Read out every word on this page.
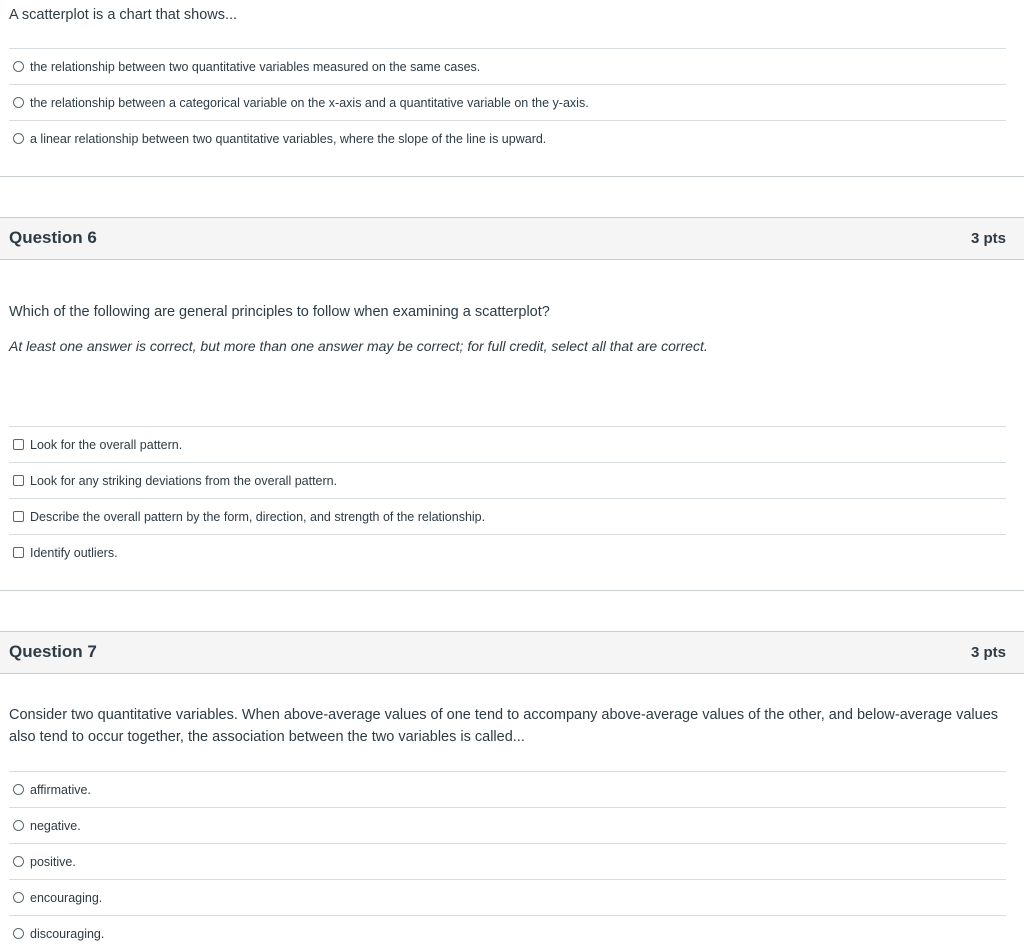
A scatterplot is a chart that shows...
the relationship between two quantitative variables measured on the same cases.
the relationship between a categorical variable on the x-axis and a quantitative variable on the y-axis.
a linear relationship between two quantitative variables, where the slope of the line is upward.
Question 6	3 pts
Which of the following are general principles to follow when examining a scatterplot?
At least one answer is correct, but more than one answer may be correct; for full credit, select all that are correct.
Look for the overall pattern.
Look for any striking deviations from the overall pattern.
Describe the overall pattern by the form, direction, and strength of the relationship.
Identify outliers.
Question 7	3 pts
Consider two quantitative variables. When above-average values of one tend to accompany above-average values of the other, and below-average values also tend to occur together, the association between the two variables is called...
affirmative.
negative.
positive.
encouraging.
discouraging.
